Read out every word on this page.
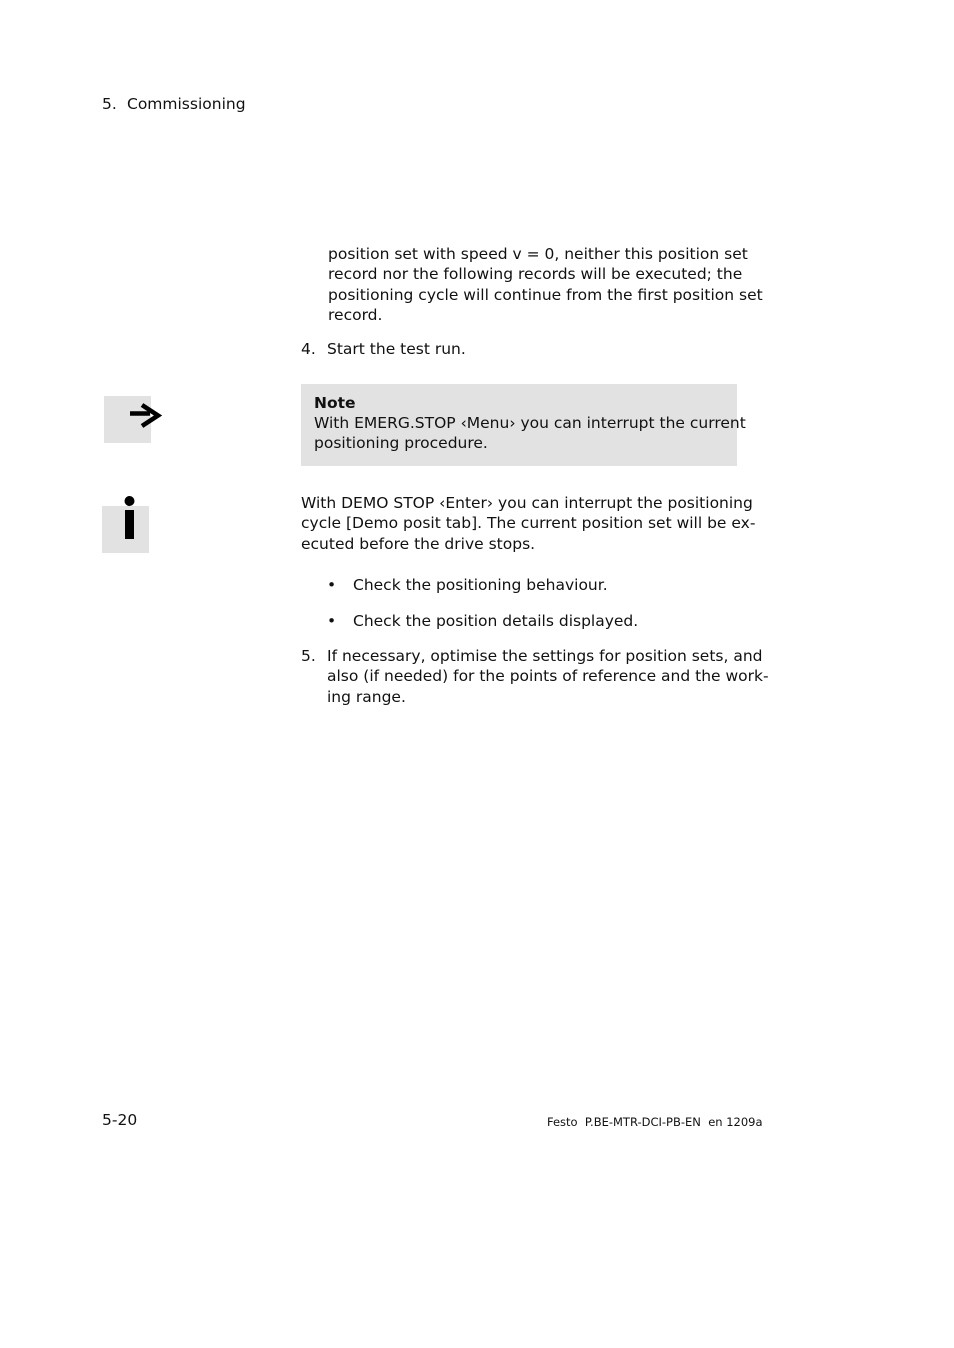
5. Commissioning
position set with speed v = 0, neither this position set
record nor the following records will be executed; the
positioning cycle will continue from the first position set
record.
4. Start the test run.
Note
With EMERG.STOP ‹Menu› you can interrupt the current
positioning procedure.
With DEMO STOP ‹Enter› you can interrupt the positioning
cycle [Demo posit tab]. The current position set will be ex-
ecuted before the drive stops.
• Check the positioning behaviour.
• Check the position details displayed.
5. If necessary, optimise the settings for position sets, and
also (if needed) for the points of reference and the work-
ing range.
5-20	Festo  P.BE-MTR-DCI-PB-EN  en 1209a
